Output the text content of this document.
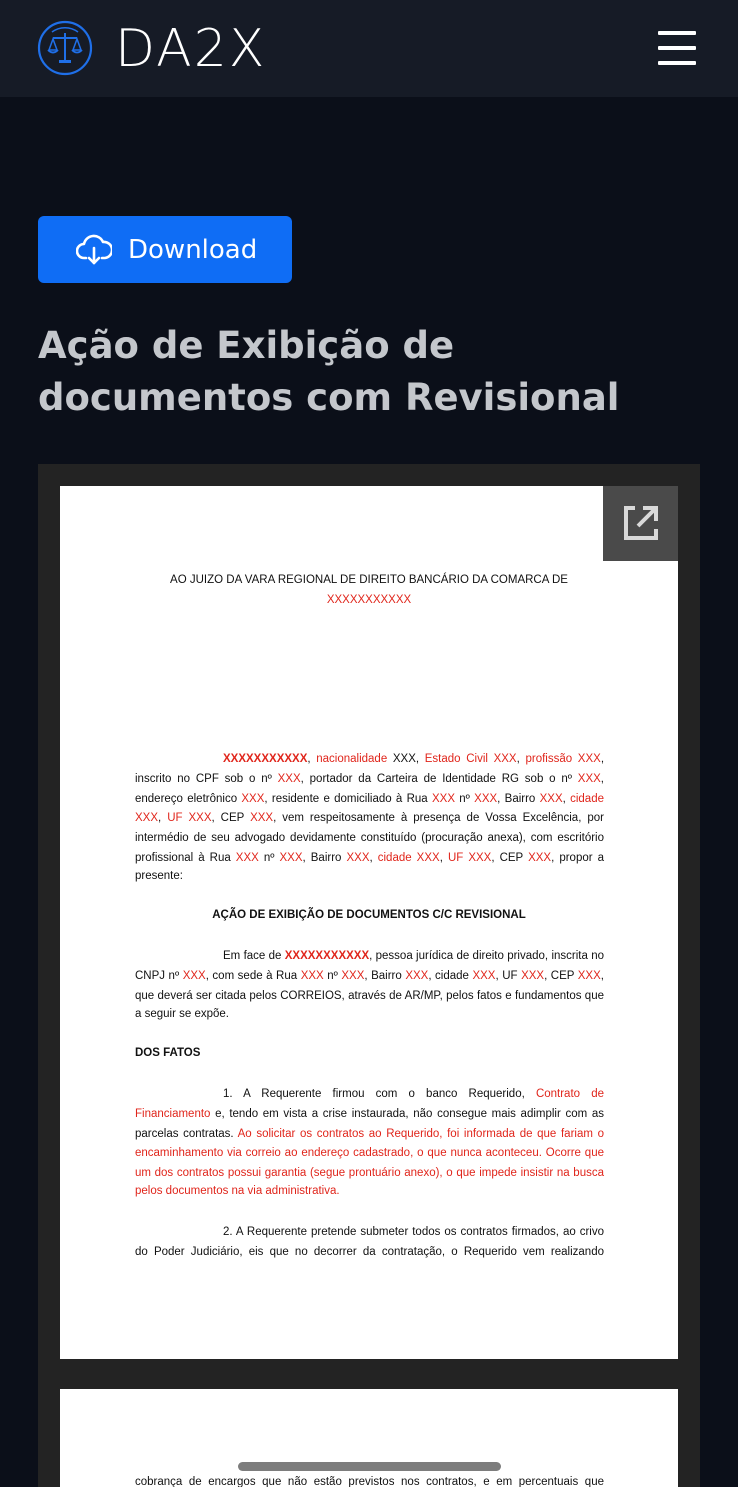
DA2X
Download
Ação de Exibição de documentos com Revisional
AO JUIZO DA VARA REGIONAL DE DIREITO BANCÁRIO DA COMARCA DE
XXXXXXXXXXX
XXXXXXXXXXX, nacionalidade XXX, Estado Civil XXX, profissão XXX,
inscrito no CPF sob o nº XXX, portador da Carteira de Identidade RG sob o nº XXX,
endereço eletrônico XXX, residente e domiciliado à Rua XXX nº XXX, Bairro XXX, cidade
XXX, UF XXX, CEP XXX, vem respeitosamente à presença de Vossa Excelência, por
intermédio de seu advogado devidamente constituído (procuração anexa), com escritório
profissional à Rua XXX nº XXX, Bairro XXX, cidade XXX, UF XXX, CEP XXX, propor a
presente:
AÇÃO DE EXIBIÇÃO DE DOCUMENTOS C/C REVISIONAL
Em face de XXXXXXXXXXX, pessoa jurídica de direito privado, inscrita no
CNPJ nº XXX, com sede à Rua XXX nº XXX, Bairro XXX, cidade XXX, UF XXX, CEP XXX,
que deverá ser citada pelos CORREIOS, através de AR/MP, pelos fatos e fundamentos que
a seguir se expõe.
DOS FATOS
1. A Requerente firmou com o banco Requerido, Contrato de
Financiamento e, tendo em vista a crise instaurada, não consegue mais adimplir com as
parcelas contratas. Ao solicitar os contratos ao Requerido, foi informada de que fariam o
encaminhamento via correio ao endereço cadastrado, o que nunca aconteceu. Ocorre que
um dos contratos possui garantia (segue prontuário anexo), o que impede insistir na busca
pelos documentos na via administrativa.
2. A Requerente pretende submeter todos os contratos firmados, ao crivo
do Poder Judiciário, eis que no decorrer da contratação, o Requerido vem realizando
cobrança de encargos que não estão previstos nos contratos, e em percentuais que
